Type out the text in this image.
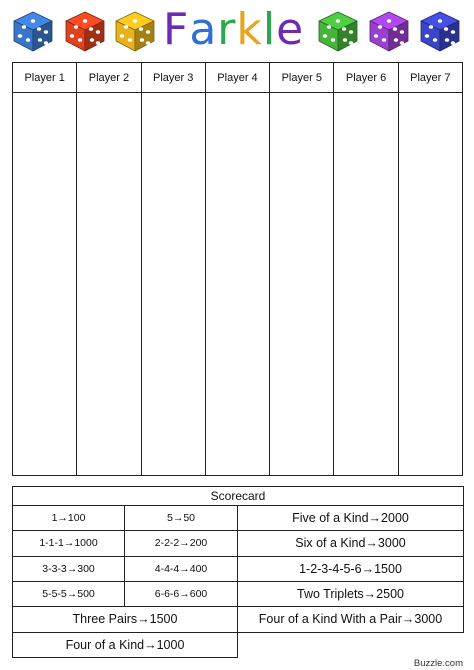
Farkle
Player 1	Player 2	Player 3	Player 4	Player 5	Player 6	Player 7

Scorecard		
1→100	5→50	Five of a Kind→2000
1-1-1→1000	2-2-2→200	Six of a Kind→3000
3-3-3→300	4-4-4→400	1-2-3-4-5-6→1500
5-5-5→500	6-6-6→600	Two Triplets→2500
Three Pairs→1500		Four of a Kind With a Pair→3000
Four of a Kind→1000		
Buzzle.com
